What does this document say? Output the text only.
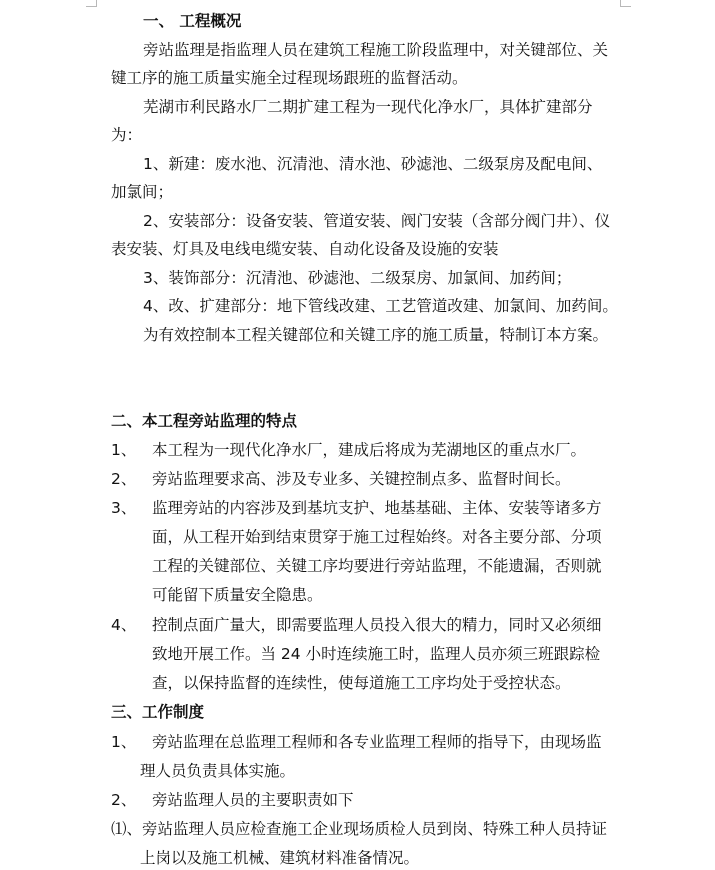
一、 工程概况
旁站监理是指监理人员在建筑工程施工阶段监理中，对关键部位、关
键工序的施工质量实施全过程现场跟班的监督活动。
芜湖市利民路水厂二期扩建工程为一现代化净水厂，具体扩建部分
为：
1、新建：废水池、沉清池、清水池、砂滤池、二级泵房及配电间、
加氯间；
2、安装部分：设备安装、管道安装、阀门安装（含部分阀门井）、仪
表安装、灯具及电线电缆安装、自动化设备及设施的安装
3、装饰部分：沉清池、砂滤池、二级泵房、加氯间、加药间；
4、改、扩建部分：地下管线改建、工艺管道改建、加氯间、加药间。
为有效控制本工程关键部位和关键工序的施工质量，特制订本方案。
二、本工程旁站监理的特点
1、 本工程为一现代化净水厂，建成后将成为芜湖地区的重点水厂。
2、 旁站监理要求高、涉及专业多、关键控制点多、监督时间长。
3、 监理旁站的内容涉及到基坑支护、地基基础、主体、安装等诸多方
面，从工程开始到结束贯穿于施工过程始终。对各主要分部、分项
工程的关键部位、关键工序均要进行旁站监理，不能遗漏，否则就
可能留下质量安全隐患。
4、 控制点面广量大，即需要监理人员投入很大的精力，同时又必须细
致地开展工作。当 24 小时连续施工时，监理人员亦须三班跟踪检
查，以保持监督的连续性，使每道施工工序均处于受控状态。
三、工作制度
1、 旁站监理在总监理工程师和各专业监理工程师的指导下，由现场监
理人员负责具体实施。
2、 旁站监理人员的主要职责如下
⑴、旁站监理人员应检查施工企业现场质检人员到岗、特殊工种人员持证
上岗以及施工机械、建筑材料准备情况。
